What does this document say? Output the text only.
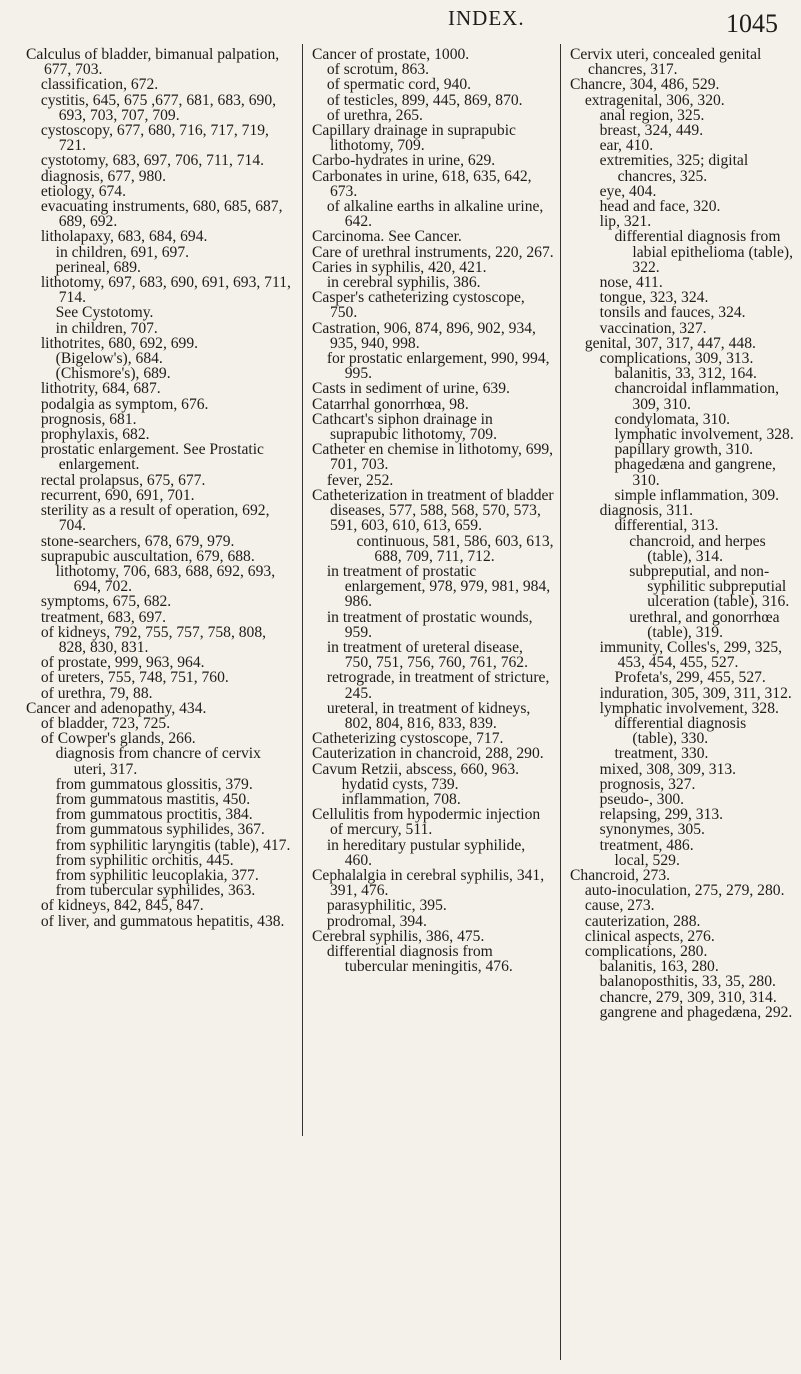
INDEX.	1045
Calculus of bladder, bimanual palpation, 677, 703.
classification, 672.
cystitis, 645, 675 ,677, 681, 683, 690, 693, 703, 707, 709.
cystoscopy, 677, 680, 716, 717, 719, 721.
cystotomy, 683, 697, 706, 711, 714.
diagnosis, 677, 980.
etiology, 674.
evacuating instruments, 680, 685, 687, 689, 692.
litholapaxy, 683, 684, 694.
in children, 691, 697.
perineal, 689.
lithotomy, 697, 683, 690, 691, 693, 711, 714.
See Cystotomy.
in children, 707.
lithotrites, 680, 692, 699.
(Bigelow's), 684.
(Chismore's), 689.
lithotrity, 684, 687.
podalgia as symptom, 676.
prognosis, 681.
prophylaxis, 682.
prostatic enlargement. See Prostatic enlargement.
rectal prolapsus, 675, 677.
recurrent, 690, 691, 701.
sterility as a result of operation, 692, 704.
stone-searchers, 678, 679, 979.
suprapubic auscultation, 679, 688.
lithotomy, 706, 683, 688, 692, 693, 694, 702.
symptoms, 675, 682.
treatment, 683, 697.
of kidneys, 792, 755, 757, 758, 808, 828, 830, 831.
of prostate, 999, 963, 964.
of ureters, 755, 748, 751, 760.
of urethra, 79, 88.
Cancer and adenopathy, 434.
of bladder, 723, 725.
of Cowper's glands, 266.
diagnosis from chancre of cervix uteri, 317.
from gummatous glossitis, 379.
from gummatous mastitis, 450.
from gummatous proctitis, 384.
from gummatous syphilides, 367.
from syphilitic laryngitis (table), 417.
from syphilitic orchitis, 445.
from syphilitic leucoplakia, 377.
from tubercular syphilides, 363.
of kidneys, 842, 845, 847.
of liver, and gummatous hepatitis, 438.
Cancer of prostate, 1000.
of scrotum, 863.
of spermatic cord, 940.
of testicles, 899, 445, 869, 870.
of urethra, 265.
Capillary drainage in suprapubic lithotomy, 709.
Carbo-hydrates in urine, 629.
Carbonates in urine, 618, 635, 642, 673.
of alkaline earths in alkaline urine, 642.
Carcinoma. See Cancer.
Care of urethral instruments, 220, 267.
Caries in syphilis, 420, 421.
in cerebral syphilis, 386.
Casper's catheterizing cystoscope, 750.
Castration, 906, 874, 896, 902, 934, 935, 940, 998.
for prostatic enlargement, 990, 994, 995.
Casts in sediment of urine, 639.
Catarrhal gonorrhœa, 98.
Cathcart's siphon drainage in suprapubic lithotomy, 709.
Catheter en chemise in lithotomy, 699, 701, 703.
fever, 252.
Catheterization in treatment of bladder diseases, 577, 588, 568, 570, 573, 591, 603, 610, 613, 659.
continuous, 581, 586, 603, 613, 688, 709, 711, 712.
in treatment of prostatic enlargement, 978, 979, 981, 984, 986.
in treatment of prostatic wounds, 959.
in treatment of ureteral disease, 750, 751, 756, 760, 761, 762.
retrograde, in treatment of stricture, 245.
ureteral, in treatment of kidneys, 802, 804, 816, 833, 839.
Catheterizing cystoscope, 717.
Cauterization in chancroid, 288, 290.
Cavum Retzii, abscess, 660, 963.
hydatid cysts, 739.
inflammation, 708.
Cellulitis from hypodermic injection of mercury, 511.
in hereditary pustular syphilide, 460.
Cephalalgia in cerebral syphilis, 341, 391, 476.
parasyphilitic, 395.
prodromal, 394.
Cerebral syphilis, 386, 475.
differential diagnosis from tubercular meningitis, 476.
Cervix uteri, concealed genital chancres, 317.
Chancre, 304, 486, 529.
extragenital, 306, 320.
anal region, 325.
breast, 324, 449.
ear, 410.
extremities, 325; digital chancres, 325.
eye, 404.
head and face, 320.
lip, 321.
differential diagnosis from labial epithelioma (table), 322.
nose, 411.
tongue, 323, 324.
tonsils and fauces, 324.
vaccination, 327.
genital, 307, 317, 447, 448.
complications, 309, 313.
balanitis, 33, 312, 164.
chancroidal inflammation, 309, 310.
condylomata, 310.
lymphatic involvement, 328.
papillary growth, 310.
phagedæna and gangrene, 310.
simple inflammation, 309.
diagnosis, 311.
differential, 313.
chancroid, and herpes (table), 314.
subpreputial, and non-syphilitic subpreputial ulceration (table), 316.
urethral, and gonorrhœa (table), 319.
immunity, Colles's, 299, 325, 453, 454, 455, 527.
Profeta's, 299, 455, 527.
induration, 305, 309, 311, 312.
lymphatic involvement, 328.
differential diagnosis (table), 330.
treatment, 330.
mixed, 308, 309, 313.
prognosis, 327.
pseudo-, 300.
relapsing, 299, 313.
synonymes, 305.
treatment, 486.
local, 529.
Chancroid, 273.
auto-inoculation, 275, 279, 280.
cause, 273.
cauterization, 288.
clinical aspects, 276.
complications, 280.
balanitis, 163, 280.
balanoposthitis, 33, 35, 280.
chancre, 279, 309, 310, 314.
gangrene and phagedæna, 292.
